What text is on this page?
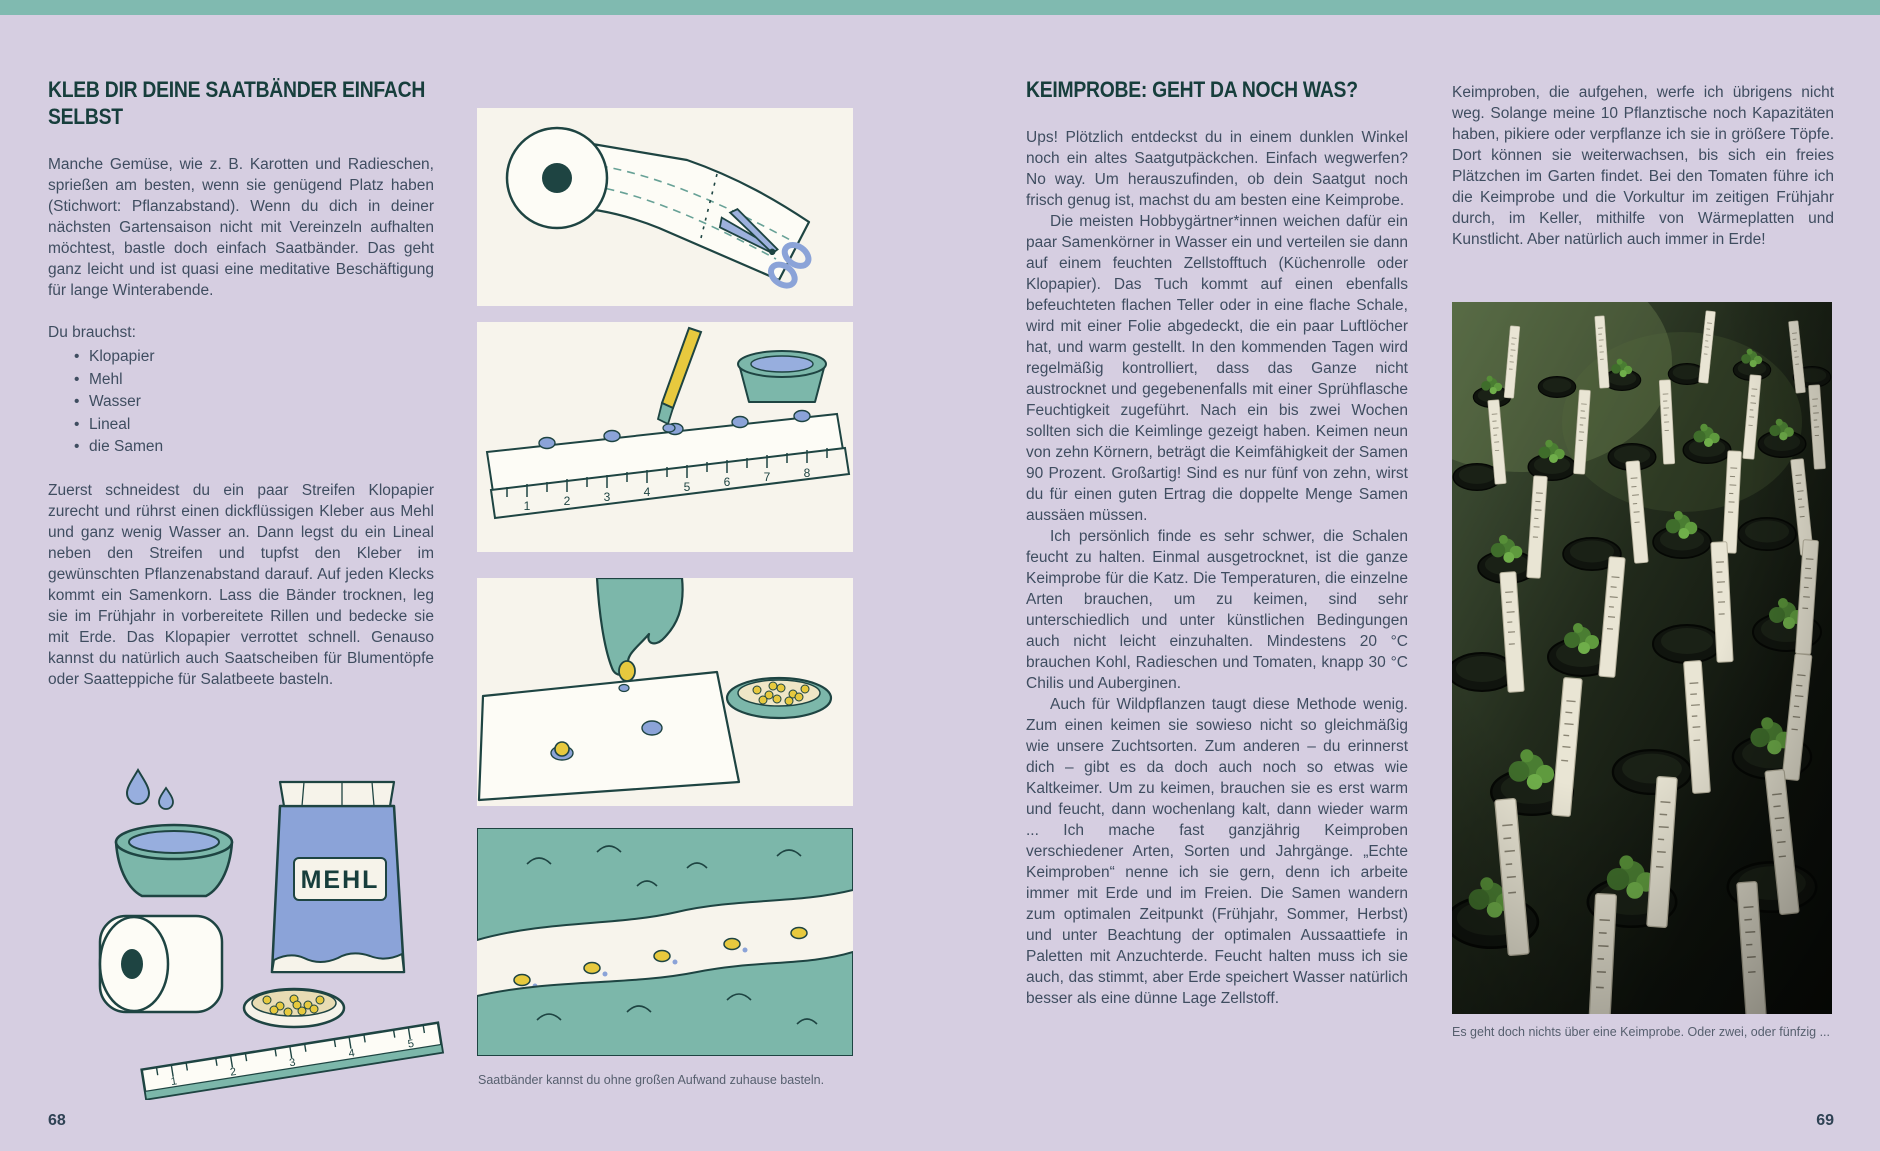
KLEB DIR DEINE SAATBÄNDER EINFACH SELBST

Manche Gemüse, wie z. B. Karotten und Radieschen, sprießen am besten, wenn sie genügend Platz haben (Stichwort: Pflanzabstand). Wenn du dich in deiner nächsten Gartensaison nicht mit Vereinzeln aufhalten möchtest, bastle doch einfach Saatbänder. Das geht ganz leicht und ist quasi eine meditative Beschäftigung für lange Winterabende.

Du brauchst:

• Klopapier
• Mehl
• Wasser
• Lineal
• die Samen

Zuerst schneidest du ein paar Streifen Klopapier zurecht und rührst einen dickflüssigen Kleber aus Mehl und ganz wenig Wasser an. Dann legst du ein Lineal neben den Streifen und tupfst den Kleber im gewünschten Pflanzenabstand darauf. Auf jeden Klecks kommt ein Samenkorn. Lass die Bänder trocknen, leg sie im Frühjahr in vorbereitete Rillen und bedecke sie mit Erde. Das Klopapier verrottet schnell. Genauso kannst du natürlich auch Saatscheiben für Blumentöpfe oder Saatteppiche für Salatbeete basteln.

1	2	3	4	5	6	7	8
Saatbänder kannst du ohne großen Aufwand zuhause basteln.
MEHL
1
2
3
4
5
KEIMPROBE: GEHT DA NOCH WAS?

Ups! Plötzlich entdeckst du in einem dunklen Winkel noch ein altes Saatgutpäckchen. Einfach wegwerfen? No way. Um herauszufinden, ob dein Saatgut noch frisch genug ist, machst du am besten eine Keimprobe.

Die meisten Hobbygärtner*innen weichen dafür ein paar Samenkörner in Wasser ein und verteilen sie dann auf einem feuchten Zellstofftuch (Küchenrolle oder Klopapier). Das Tuch kommt auf einen ebenfalls befeuchteten flachen Teller oder in eine flache Schale, wird mit einer Folie abgedeckt, die ein paar Luftlöcher hat, und warm gestellt. In den kommenden Tagen wird regelmäßig kontrolliert, dass das Ganze nicht austrocknet und gegebenenfalls mit einer Sprühflasche Feuchtigkeit zugeführt. Nach ein bis zwei Wochen sollten sich die Keimlinge gezeigt haben. Keimen neun von zehn Körnern, beträgt die Keimfähigkeit der Samen 90 Prozent. Großartig! Sind es nur fünf von zehn, wirst du für einen guten Ertrag die doppelte Menge Samen aussäen müssen.

Ich persönlich finde es sehr schwer, die Schalen feucht zu halten. Einmal ausgetrocknet, ist die ganze Keimprobe für die Katz. Die Temperaturen, die einzelne Arten brauchen, um zu keimen, sind sehr unterschiedlich und unter künstlichen Bedingungen auch nicht leicht einzuhalten. Mindestens 20 °C brauchen Kohl, Radieschen und Tomaten, knapp 30 °C Chilis und Auberginen.

Auch für Wildpflanzen taugt diese Methode wenig. Zum einen keimen sie sowieso nicht so gleichmäßig wie unsere Zuchtsorten. Zum anderen – du erinnerst dich – gibt es da doch auch noch so etwas wie Kaltkeimer. Um zu keimen, brauchen sie es erst warm und feucht, dann wochenlang kalt, dann wieder warm ... Ich mache fast ganzjährig Keimproben verschiedener Arten, Sorten und Jahrgänge. „Echte Keimproben“ nenne ich sie gern, denn ich arbeite immer mit Erde und im Freien. Die Samen wandern zum optimalen Zeitpunkt (Frühjahr, Sommer, Herbst) und unter Beachtung der optimalen Aussaattiefe in Paletten mit Anzuchterde. Feucht halten muss ich sie auch, das stimmt, aber Erde speichert Wasser natürlich besser als eine dünne Lage Zellstoff.

Keimproben, die aufgehen, werfe ich übrigens nicht weg. Solange meine 10 Pflanztische noch Kapazitäten haben, pikiere oder verpflanze ich sie in größere Töpfe. Dort können sie weiterwachsen, bis sich ein freies Plätzchen im Garten findet. Bei den Tomaten führe ich die Keimprobe und die Vorkultur im zeitigen Frühjahr durch, im Keller, mithilfe von Wärmeplatten und Kunstlicht. Aber natürlich auch immer in Erde!

Es geht doch nichts über eine Keimprobe. Oder zwei, oder fünfzig ...
68	69
